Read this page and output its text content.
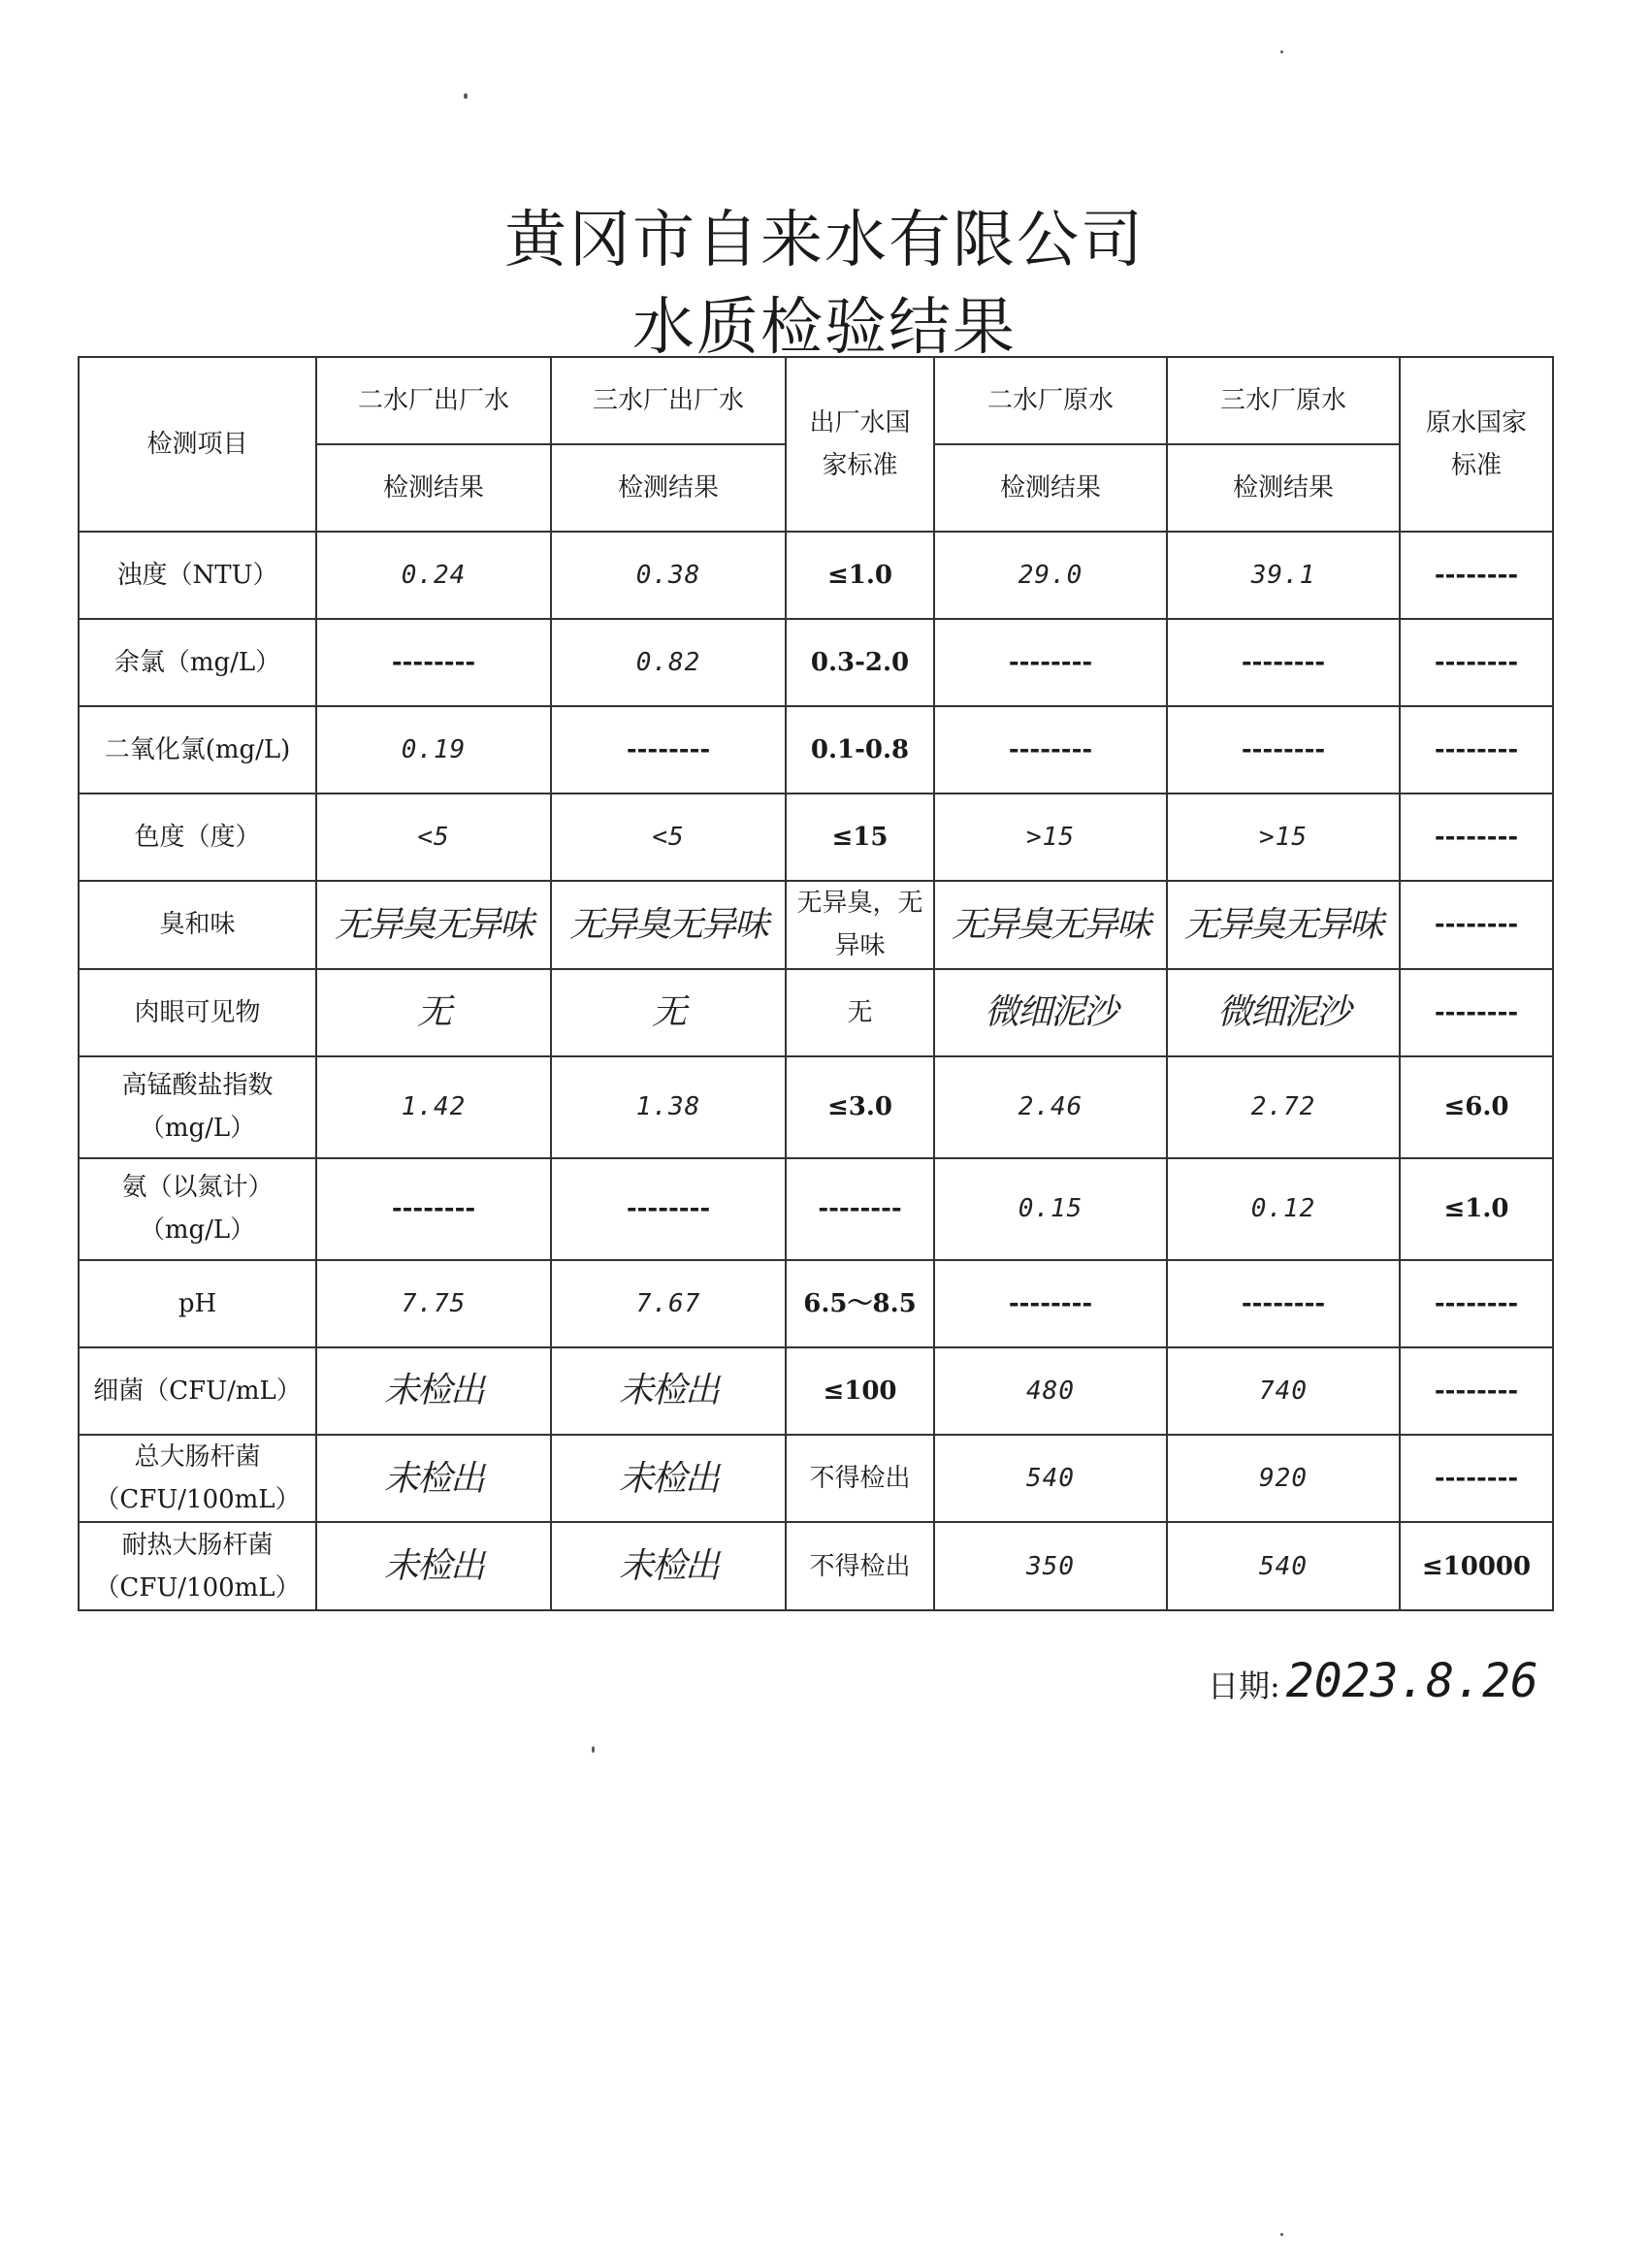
黄冈市自来水有限公司
水质检验结果
检测项目	二水厂出厂水	三水厂出厂水	出厂水国家标准	二水厂原水	三水厂原水	原水国家标准
	检测结果	检测结果		检测结果	检测结果	
浊度（NTU）	0.24	0.38	≤1.0	29.0	39.1	--------
余氯（mg/L）	--------	0.82	0.3-2.0	--------	--------	--------
二氧化氯(mg/L)	0.19	--------	0.1-0.8	--------	--------	--------
色度（度）	<5	<5	≤15	>15	>15	--------
臭和味	无异臭无异味	无异臭无异味	无异臭，无异味	无异臭无异味	无异臭无异味	--------
肉眼可见物	无	无	无	微细泥沙	微细泥沙	--------
高锰酸盐指数（mg/L）	1.42	1.38	≤3.0	2.46	2.72	≤6.0
氨（以氮计）（mg/L）	--------	--------	--------	0.15	0.12	≤1.0
pH	7.75	7.67	6.5～8.5	--------	--------	--------
细菌（CFU/mL）	未检出	未检出	≤100	480	740	--------
总大肠杆菌（CFU/100mL）	未检出	未检出	不得检出	540	920	--------
耐热大肠杆菌（CFU/100mL）	未检出	未检出	不得检出	350	540	≤10000
日期: 2023.8.26
